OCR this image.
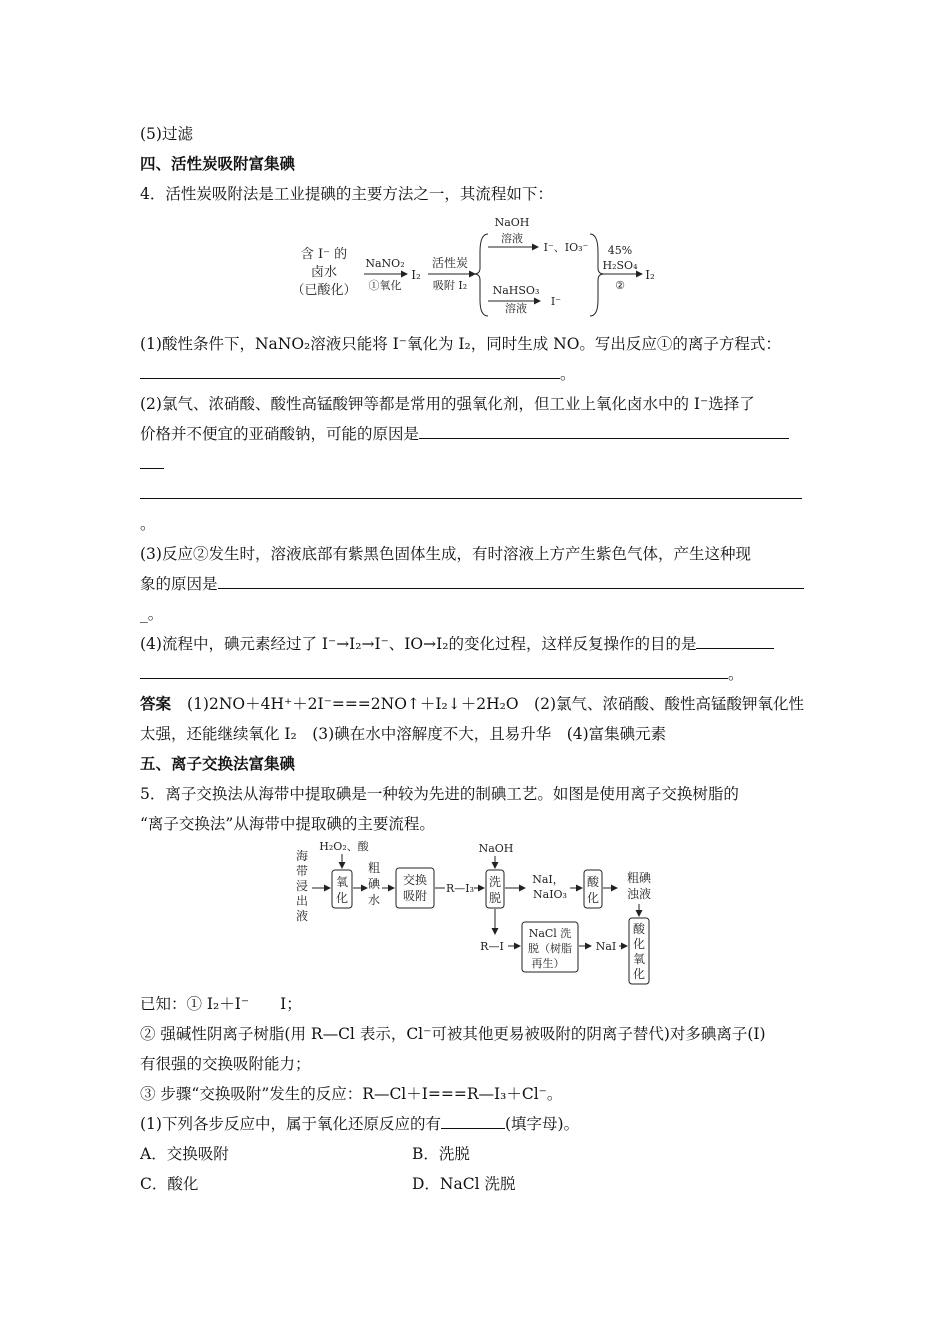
(5)过滤
四、活性炭吸附富集碘
4．活性炭吸附法是工业提碘的主要方法之一，其流程如下：
含 I⁻ 的
卤水
（已酸化）
NaNO₂
①氧化
I₂
活性炭
吸附 I₂
NaOH
溶液
I⁻、IO₃⁻
NaHSO₃
溶液
I⁻
45%
H₂SO₄
②
I₂
(1)酸性条件下，NaNO₂溶液只能将 I⁻氧化为 I₂，同时生成 NO。写出反应①的离子方程式：
。
(2)氯气、浓硝酸、酸性高锰酸钾等都是常用的强氧化剂，但工业上氧化卤水中的 I⁻选择了
价格并不便宜的亚硝酸钠，可能的原因是
。
(3)反应②发生时，溶液底部有紫黑色固体生成，有时溶液上方产生紫色气体，产生这种现
象的原因是
_。
(4)流程中，碘元素经过了 I⁻→I₂→I⁻、IO→I₂的变化过程，这样反复操作的目的是
。
答案 (1)2NO＋4H⁺＋2I⁻===2NO↑＋I₂↓＋2H₂O　(2)氯气、浓硝酸、酸性高锰酸钾氧化性
太强，还能继续氧化 I₂　(3)碘在水中溶解度不大，且易升华　(4)富集碘元素
五、离子交换法富集碘
5．离子交换法从海带中提取碘是一种较为先进的制碘工艺。如图是使用离子交换树脂的
“离子交换法”从海带中提取碘的主要流程。
海
带
浸
出
液
H₂O₂、酸
氧
化
粗
碘
水
交换
吸附
R—I₃
NaOH
洗
脱
NaI，
NaIO₃
酸
化
粗碘
浊液
R—I
NaCl 洗
脱（树脂
再生）
NaI
酸
化
氧
化
已知：① I₂＋I⁻　　I；
② 强碱性阴离子树脂(用 R—Cl 表示，Cl⁻可被其他更易被吸附的阴离子替代)对多碘离子(I)
有很强的交换吸附能力；
③ 步骤“交换吸附”发生的反应：R—Cl＋I===R—I₃＋Cl⁻。
(1)下列各步反应中，属于氧化还原反应的有	(填字母)。
A．交换吸附	B．洗脱
C．酸化	D．NaCl 洗脱
